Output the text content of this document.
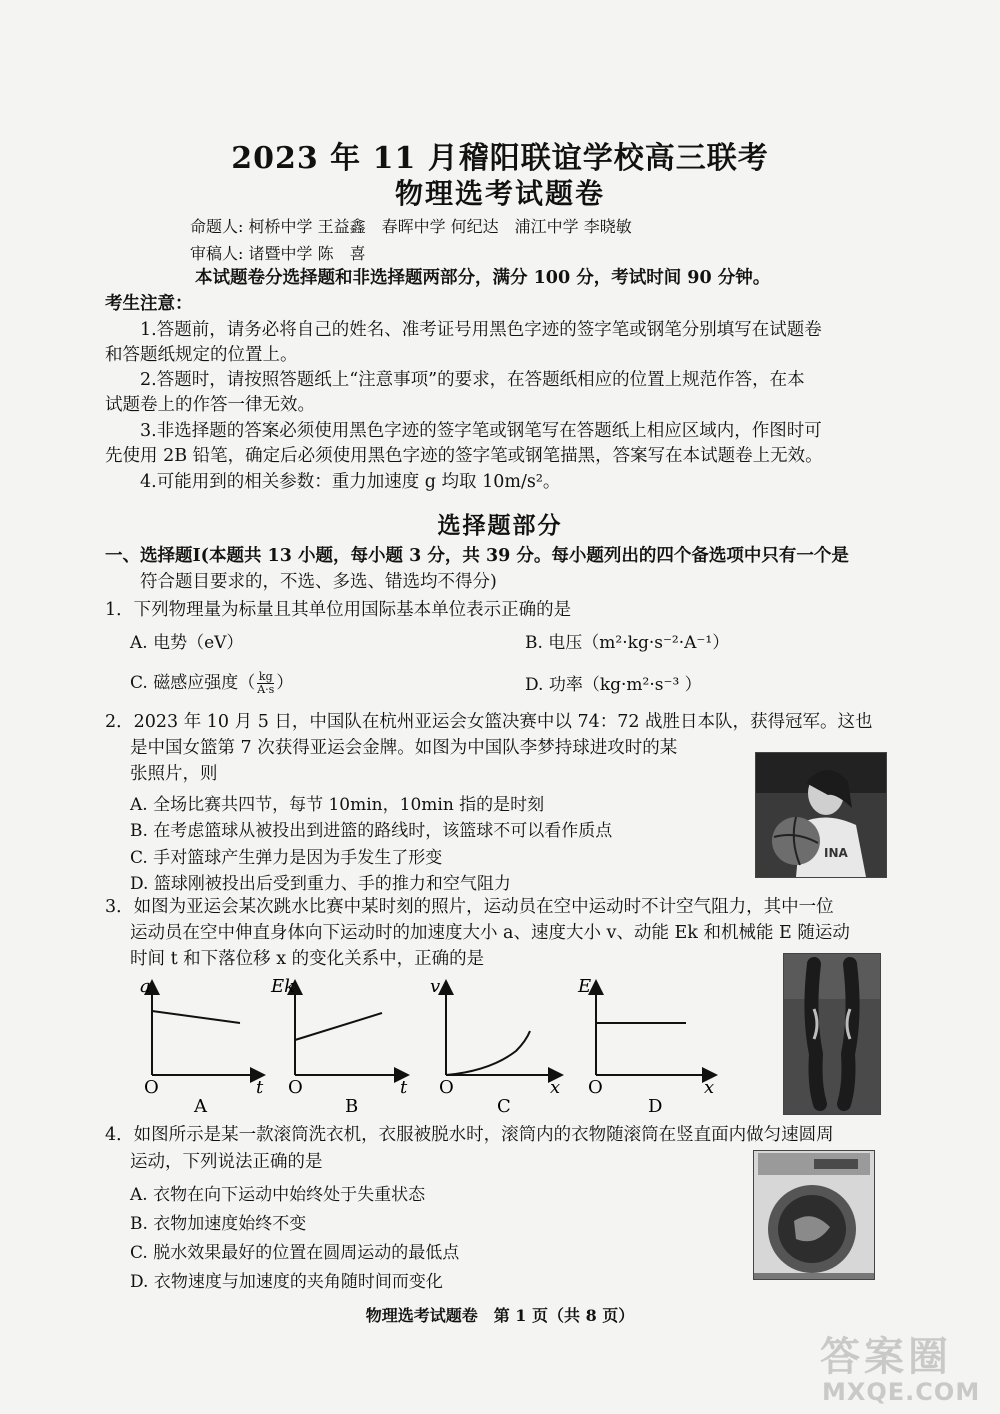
2023 年 11 月稽阳联谊学校高三联考
物理选考试题卷
命题人: 柯桥中学 王益鑫　春晖中学 何纪达　浦江中学 李晓敏
审稿人: 诸暨中学 陈　喜
本试题卷分选择题和非选择题两部分，满分 100 分，考试时间 90 分钟。
考生注意：
1.答题前，请务必将自己的姓名、准考证号用黑色字迹的签字笔或钢笔分别填写在试题卷
和答题纸规定的位置上。
2.答题时，请按照答题纸上“注意事项”的要求，在答题纸相应的位置上规范作答，在本
试题卷上的作答一律无效。
3.非选择题的答案必须使用黑色字迹的签字笔或钢笔写在答题纸上相应区域内，作图时可
先使用 2B 铅笔，确定后必须使用黑色字迹的签字笔或钢笔描黑，答案写在本试题卷上无效。
4.可能用到的相关参数：重力加速度 g 均取 10m/s²。
选择题部分
一、选择题Ⅰ(本题共 13 小题，每小题 3 分，共 39 分。每小题列出的四个备选项中只有一个是
符合题目要求的，不选、多选、错选均不得分)
1．下列物理量为标量且其单位用国际基本单位表示正确的是
A. 电势（eV）	B. 电压（m²·kg·s⁻²·A⁻¹）
C. 磁感应强度（ $\frac{kg}{A\cdot s}$ ）	D. 功率（kg·m²·s⁻³ ）
2．2023 年 10 月 5 日，中国队在杭州亚运会女篮决赛中以 74：72 战胜日本队，获得冠军。这也
是中国女篮第 7 次获得亚运会金牌。如图为中国队李梦持球进攻时的某
张照片，则
A. 全场比赛共四节，每节 10min，10min 指的是时刻
B. 在考虑篮球从被投出到进篮的路线时，该篮球不可以看作质点
C. 手对篮球产生弹力是因为手发生了形变
D. 篮球刚被投出后受到重力、手的推力和空气阻力
INA
3．如图为亚运会某次跳水比赛中某时刻的照片，运动员在空中运动时不计空气阻力，其中一位
运动员在空中伸直身体向下运动时的加速度大小 a、速度大小 v、动能 Ek 和机械能 E 随运动
时间 t 和下落位移 x 的变化关系中，正确的是
a
t
O
A
Ek
t
O
B
v
x
O
C
E
x
O
D
4．如图所示是某一款滚筒洗衣机，衣服被脱水时，滚筒内的衣物随滚筒在竖直面内做匀速圆周
运动，下列说法正确的是
A. 衣物在向下运动中始终处于失重状态
B. 衣物加速度始终不变
C. 脱水效果最好的位置在圆周运动的最低点
D. 衣物速度与加速度的夹角随时间而变化
物理选考试题卷　第 1 页（共 8 页）
答案圈
MXQE.COM
